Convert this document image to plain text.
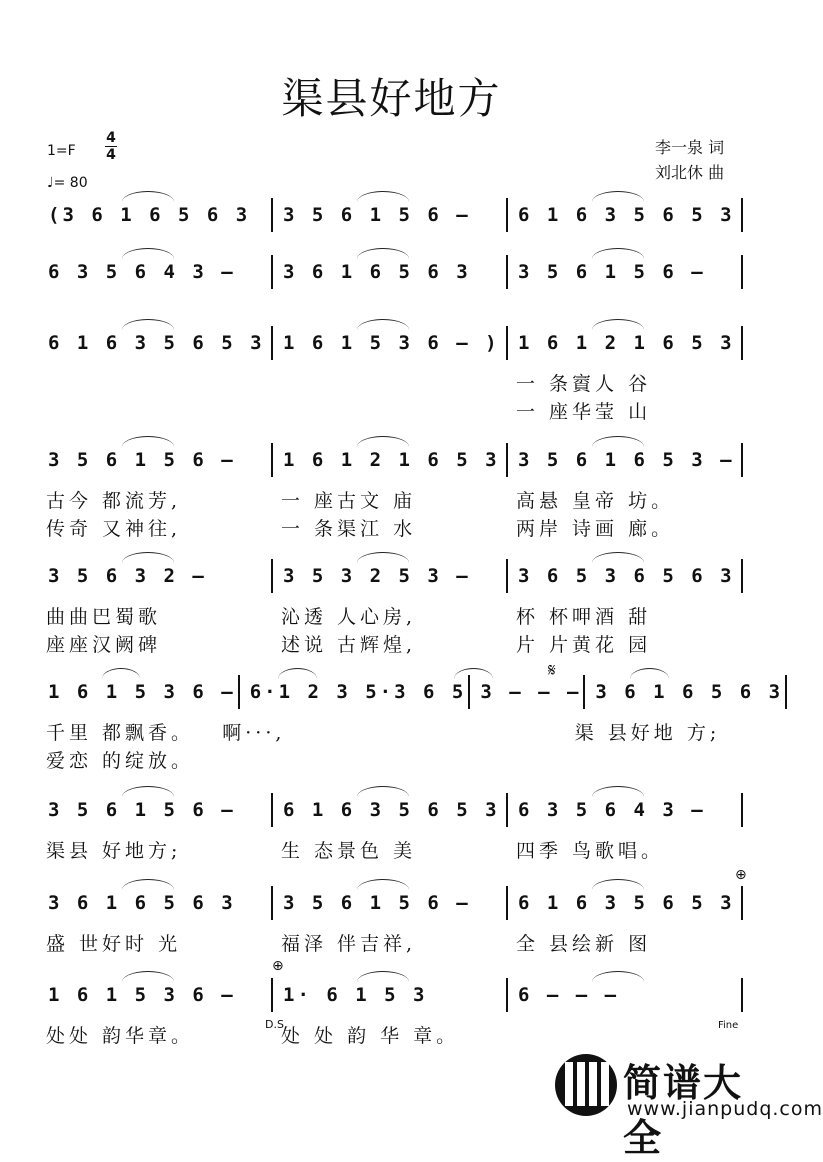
渠县好地方
1=F
4
4
♩= 80
李一泉 词
刘北休 曲
(3 6 1 6 5 6 3	3 5 6 1 5 6 –	6 1 6 3 5 6 5 3
6 3 5 6 4 3 –	3 6 1 6 5 6 3	3 5 6 1 5 6 –
6 1 6 3 5 6 5 3 1 6 1 5 3 6 – ) 1 6 1 2 1 6 5 3
一 条賨人 谷
一 座华莹 山
3 5 6 1 5 6 –	1 6 1 2 1 6 5 3 3 5 6 1 6 5 3 –
古今 都流芳,	一 座古文 庙	高悬 皇帝 坊。
传奇 又神往,	一 条渠江 水	两岸 诗画 廊。
3 5 6 3 2 –	3 5 3 2 5 3 –	3 6 5 3 6 5 6 3
曲曲巴蜀歌	沁透 人心房,	杯 杯呷酒 甜
座座汉阙碑	述说 古辉煌,	片 片黄花 园
1 6 1 5 3 6 – 6·1 2 3 5·3 6 5 3 – – – 3 6 1 6 5 6 3
千里 都飘香。 啊···,	渠 县好地 方;
爱恋 的绽放。
3 5 6 1 5 6 –	6 1 6 3 5 6 5 3 6 3 5 6 4 3 –
渠县 好地方;	生 态景色 美	四季 鸟歌唱。
3 6 1 6 5 6 3	3 5 6 1 5 6 –	6 1 6 3 5 6 5 3
盛 世好时 光	福泽 伴吉祥,	全 县绘新 图
1 6 1 5 3 6 –	1· 6 1 5 3	6 – – –
处处 韵华章。	处 处 韵 华 章。
𝄋
⊕
⊕
D.S.	Fine
简谱大全
www.jianpudq.com
